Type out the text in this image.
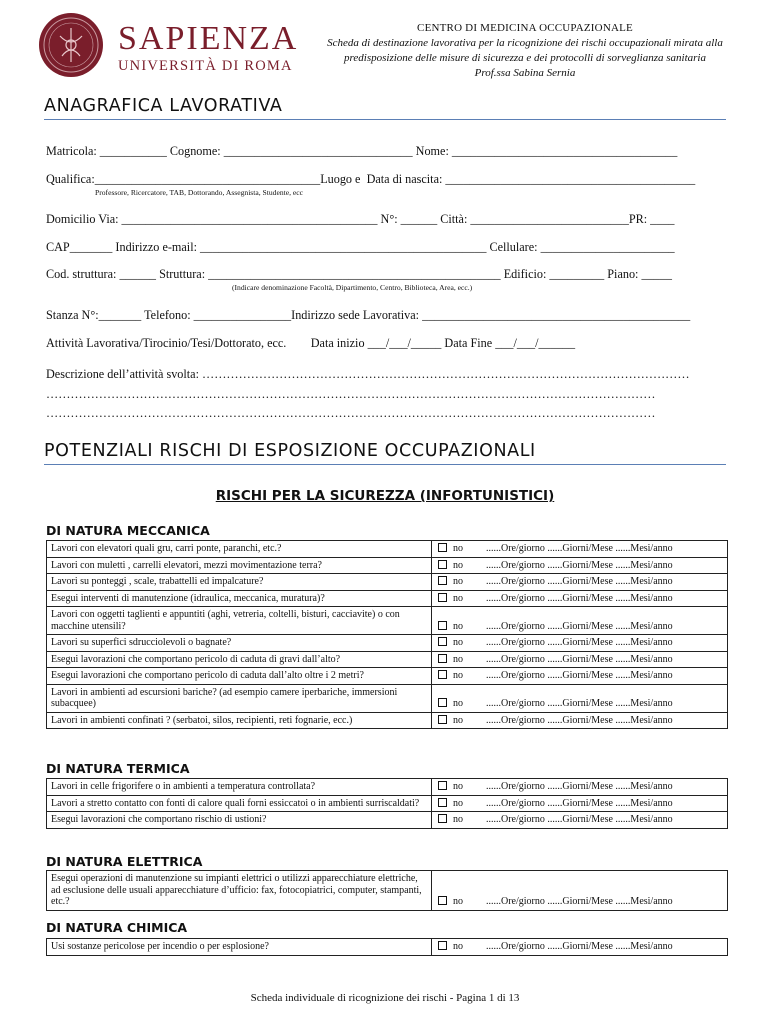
SAPIENZA
UNIVERSITÀ DI ROMA
CENTRO DI MEDICINA OCCUPAZIONALE
Scheda di destinazione lavorativa per la ricognizione dei rischi occupazionali mirata alla
predisposizione delle misure di sicurezza e dei protocolli di sorveglianza sanitaria
Prof.ssa Sabina Sernia
ANAGRAFICA LAVORATIVA
Matricola: ___________ Cognome: _______________________________ Nome: _____________________________________
Qualifica:_____________________________________Luogo e  Data di nascita: _________________________________________
Professore, Ricercatore, TAB, Dottorando, Assegnista, Studente, ecc
Domicilio Via: __________________________________________ N°: ______ Città: __________________________PR: ____
CAP_______ Indirizzo e-mail: _______________________________________________ Cellulare: ______________________
Cod. struttura: ______ Struttura: ________________________________________________ Edificio: _________ Piano: _____
(Indicare denominazione Facoltà, Dipartimento, Centro, Biblioteca, Area, ecc.)
Stanza N°:_______ Telefono: ________________Indirizzo sede Lavorativa: ____________________________________________
Attività Lavorativa/Tirocinio/Tesi/Dottorato, ecc.        Data inizio ___/___/_____ Data Fine ___/___/______
Descrizione dell’attività svolta: …………………………………………………………………………………………………………
……………………………………………………………………………………………………………………………………
……………………………………………………………………………………………………………………………………
POTENZIALI RISCHI DI ESPOSIZIONE OCCUPAZIONALI
RISCHI PER LA SICUREZZA (INFORTUNISTICI)
DI NATURA MECCANICA
Lavori con elevatori quali gru, carri ponte, paranchi, etc.?	no	......Ore/giorno ......Giorni/Mese ......Mesi/anno
Lavori con muletti , carrelli elevatori, mezzi movimentazione terra?	no	......Ore/giorno ......Giorni/Mese ......Mesi/anno
Lavori su ponteggi , scale, trabattelli ed impalcature?	no	......Ore/giorno ......Giorni/Mese ......Mesi/anno
Esegui interventi di manutenzione (idraulica, meccanica, muratura)?	no	......Ore/giorno ......Giorni/Mese ......Mesi/anno
Lavori con oggetti taglienti e appuntiti (aghi, vetreria, coltelli, bisturi, cacciavite) o con macchine utensili?	no	......Ore/giorno ......Giorni/Mese ......Mesi/anno
Lavori su superfici sdrucciolevoli o bagnate?	no	......Ore/giorno ......Giorni/Mese ......Mesi/anno
Esegui lavorazioni che comportano pericolo di caduta di gravi dall’alto?	no	......Ore/giorno ......Giorni/Mese ......Mesi/anno
Esegui lavorazioni che comportano pericolo di caduta dall’alto oltre i 2 metri?	no	......Ore/giorno ......Giorni/Mese ......Mesi/anno
Lavori in ambienti ad escursioni bariche? (ad esempio camere iperbariche, immersioni subacquee)	no	......Ore/giorno ......Giorni/Mese ......Mesi/anno
Lavori in ambienti confinati ? (serbatoi, silos, recipienti, reti fognarie, ecc.)	no	......Ore/giorno ......Giorni/Mese ......Mesi/anno
DI NATURA TERMICA
Lavori in celle frigorifere o in ambienti a temperatura controllata?	no	......Ore/giorno ......Giorni/Mese ......Mesi/anno
Lavori a stretto contatto con fonti di calore quali forni essiccatoi o in ambienti surriscaldati?	no	......Ore/giorno ......Giorni/Mese ......Mesi/anno
Esegui lavorazioni che comportano rischio di ustioni?	no	......Ore/giorno ......Giorni/Mese ......Mesi/anno
DI NATURA ELETTRICA
Esegui operazioni di manutenzione su impianti elettrici o utilizzi apparecchiature elettriche, ad esclusione delle usuali apparecchiature d’ufficio: fax, fotocopiatrici, computer, stampanti, etc.?	no	......Ore/giorno ......Giorni/Mese ......Mesi/anno
DI NATURA CHIMICA
Usi sostanze pericolose per incendio o per esplosione?	no	......Ore/giorno ......Giorni/Mese ......Mesi/anno
Scheda individuale di ricognizione dei rischi - Pagina 1 di 13
